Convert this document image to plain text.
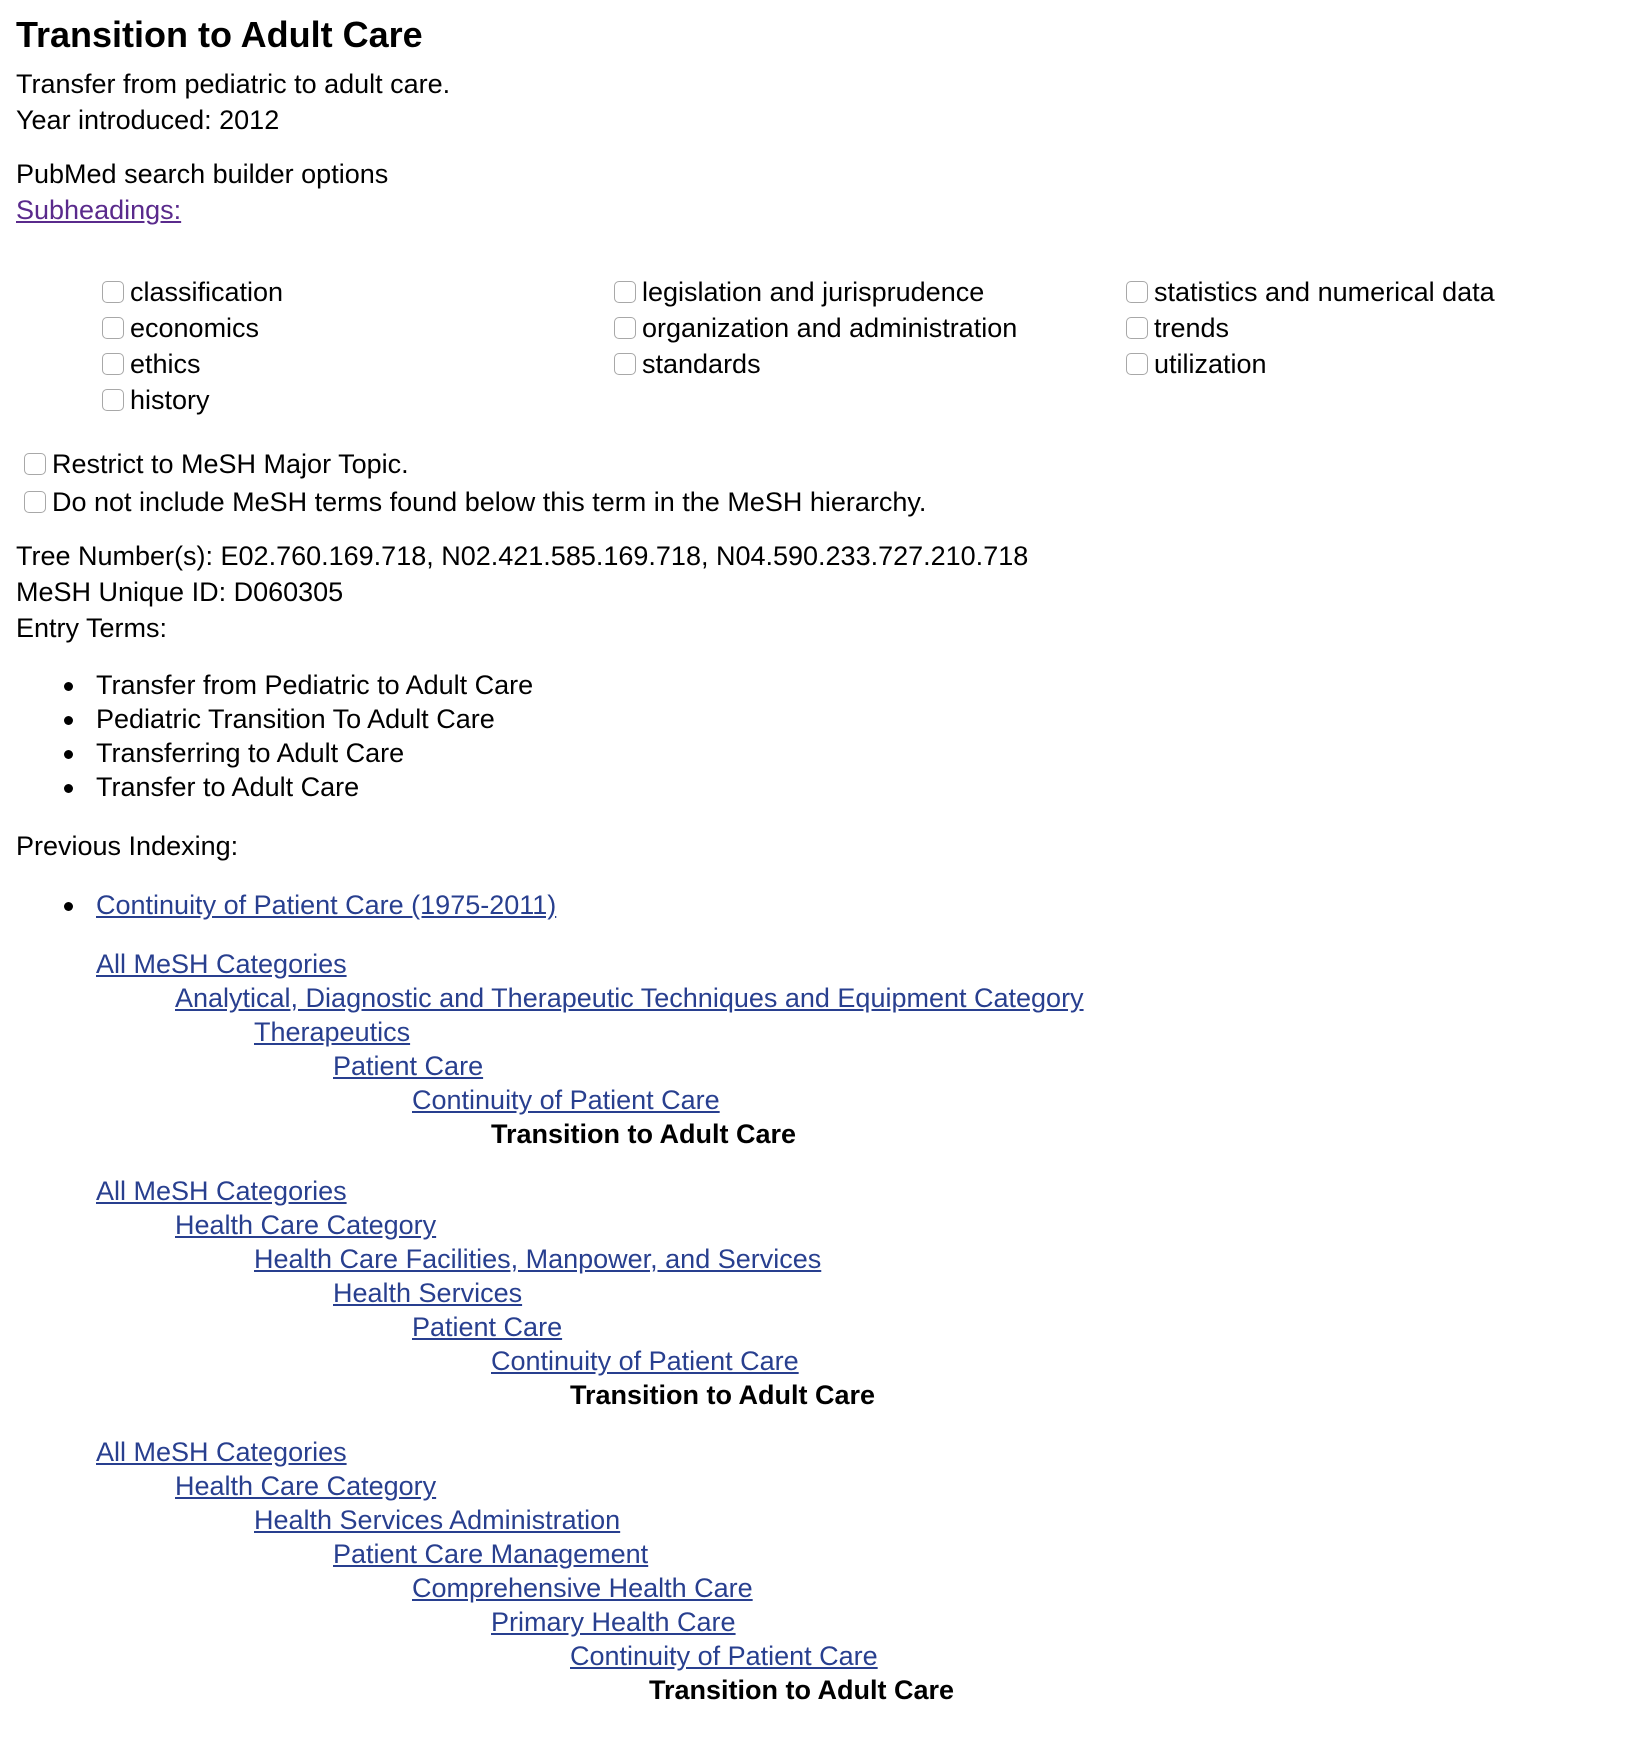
Transition to Adult Care
Transfer from pediatric to adult care.
Year introduced: 2012
PubMed search builder options
Subheadings:
classification
economics
ethics
history
legislation and jurisprudence
organization and administration
standards
statistics and numerical data
trends
utilization
Restrict to MeSH Major Topic.
Do not include MeSH terms found below this term in the MeSH hierarchy.
Tree Number(s): E02.760.169.718, N02.421.585.169.718, N04.590.233.727.210.718
MeSH Unique ID: D060305
Entry Terms:
Transfer from Pediatric to Adult Care
Pediatric Transition To Adult Care
Transferring to Adult Care
Transfer to Adult Care
Previous Indexing:
Continuity of Patient Care (1975-2011)
All MeSH Categories
Analytical, Diagnostic and Therapeutic Techniques and Equipment Category
Therapeutics
Patient Care
Continuity of Patient Care
Transition to Adult Care
All MeSH Categories
Health Care Category
Health Care Facilities, Manpower, and Services
Health Services
Patient Care
Continuity of Patient Care
Transition to Adult Care
All MeSH Categories
Health Care Category
Health Services Administration
Patient Care Management
Comprehensive Health Care
Primary Health Care
Continuity of Patient Care
Transition to Adult Care
